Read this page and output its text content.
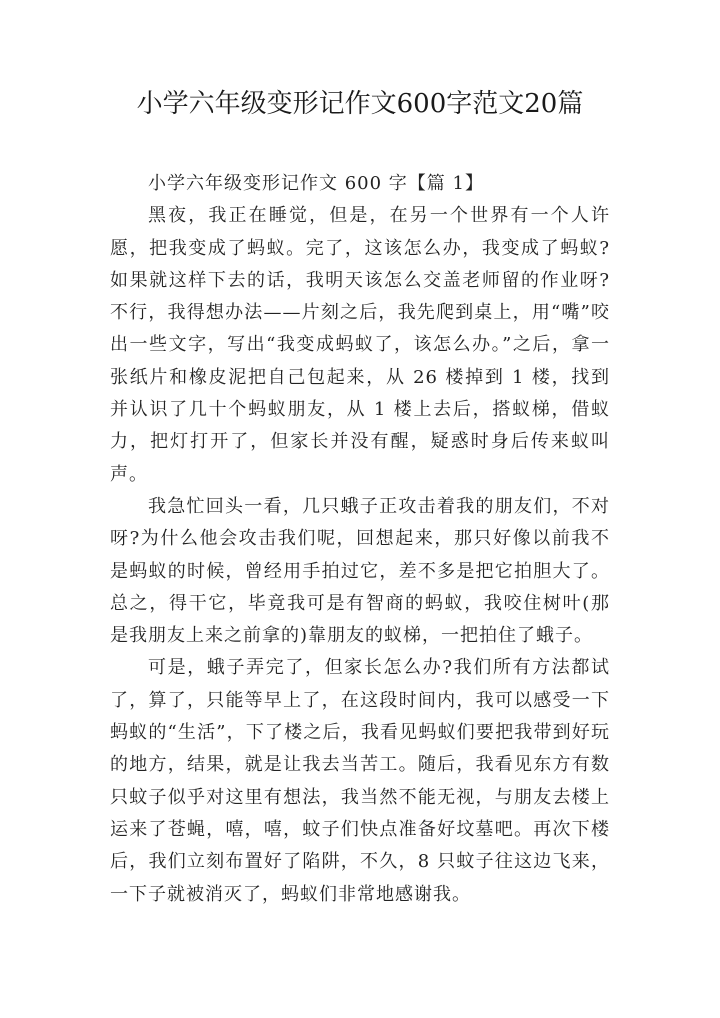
小学六年级变形记作文600字范文20篇
小学六年级变形记作文 600 字【篇 1】

黑夜，我正在睡觉，但是，在另一个世界有一个人许愿，把我变成了蚂蚁。完了，这该怎么办，我变成了蚂蚁?如果就这样下去的话，我明天该怎么交盖老师留的作业呀?不行，我得想办法——片刻之后，我先爬到桌上，用“嘴”咬出一些文字，写出“我变成蚂蚁了，该怎么办。”之后，拿一张纸片和橡皮泥把自己包起来，从 26 楼掉到 1 楼，找到并认识了几十个蚂蚁朋友，从 1 楼上去后，搭蚁梯，借蚁力，把灯打开了，但家长并没有醒，疑惑时身后传来蚁叫声。

我急忙回头一看，几只蛾子正攻击着我的朋友们，不对呀?为什么他会攻击我们呢，回想起来，那只好像以前我不是蚂蚁的时候，曾经用手拍过它，差不多是把它拍胆大了。总之，得干它，毕竟我可是有智商的蚂蚁，我咬住树叶(那是我朋友上来之前拿的)靠朋友的蚁梯，一把拍住了蛾子。

可是，蛾子弄完了，但家长怎么办?我们所有方法都试了，算了，只能等早上了，在这段时间内，我可以感受一下蚂蚁的“生活”，下了楼之后，我看见蚂蚁们要把我带到好玩的地方，结果，就是让我去当苦工。随后，我看见东方有数只蚊子似乎对这里有想法，我当然不能无视，与朋友去楼上运来了苍蝇，嘻，嘻，蚊子们快点准备好坟墓吧。再次下楼后，我们立刻布置好了陷阱，不久，8 只蚊子往这边飞来，一下子就被消灭了，蚂蚁们非常地感谢我。
